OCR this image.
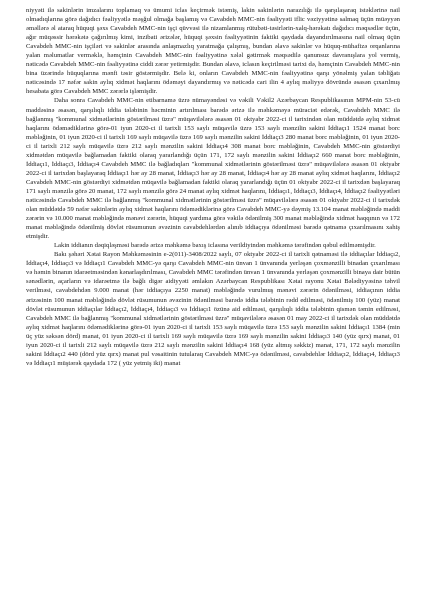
niyyəti ilə sakinlərin imzalarını toplamaq və ümumi iclas keçirmək istəmiş, lakin sakinlərin narazılığı ilə qarşılaşaraq istəklərinə nail olmadıqlarına görə dağıdıcı fəaliyyətlə məşğul olmağa başlamış və Cavabdeh MMC-nin fəaliyyəti iflic vəziyyətinə salmaq üçün müəyyən əməllərə əl ataraq hüquqi şəxs Cavabdeh MMC-nin işçi qüvvəsi ilə nizamlanmış rütubəti-təsirlərin-xalq-hərəkatı dağıdıcı məqsədlər üçün, ağır müqəssir hərəkətə çağırılmış kimi, inzibati ərizələr, hüquqi şəxsin fəaliyyətinin faktiki qaydada dayandırılmasına nail olmaq üçün Cavabdeh MMC-nin işçiləri və sakinlər arasında anlaşmazlıq yaratmağa çalışmış, bundan əlavə sakinlər və hüquq-mühafizə orqanlarına yalan məlumatlar verməklə, həmçinin Cavabdeh MMC-nin fəaliyyətinə xələl gətirmək məqsədilə qanunsuz davranışlara yol vermiş, nəticədə Cavabdeh MMC-nin fəaliyyətinə ciddi zərər yetirmişdir. Bundan əlavə, iclasın keçirilməsi tarixi də, həmçinin Cavabdeh MMC-nin bina üzərində hüquqlarına mənfi təsir göstərmişdir. Belə ki, onların Cavabdeh MMC-nin fəaliyyətinə qarşı yönəlmiş yalan təbliğatı nəticəsində 17 nəfər sakin aylıq xidmət haqlarını ödəməyi dayandırmış və nəticədə cari ilin 4 aylıq məliyyə dövründə əsasən çıxarılmış hesabata görə Cavabdeh MMC zərərlə işləmişdir.

Daha sonra Cavabdeh MMC-nin etibarnamə üzrə nümayəndəsi və vəkili Vəkil2 Azərbaycan Respublikasının MPM-nin 53-cü maddəsinə əsasən, qarşılıqlı iddia tələbinin həcminin artırılması barədə ərizə ilə məhkəməyə müraciət edərək, Cavabdeh MMC ilə bağlanmış "kommunal xidmətlərinin göstərilməsi üzrə" müqavilələrə əsasən 01 oktyabr 2022-ci il tarixindən olan müddətdə aylıq xidmət haqlarını ödəmədiklərinə görə-01 iyun 2020-ci il tarixli 153 saylı müqavilə üzrə 153 saylı mənzilin sakini İddiaçı1 1524 manat borc məbləğinin, 01 iyun 2020-ci il tarixli 169 saylı müqavilə üzrə 169 saylı mənzilin sakini İddiaçı3 280 manat borc məbləğinin, 01 iyun 2020-ci il tarixli 212 saylı müqavilə üzrə 212 saylı mənzilin sakini İddiaçı4 308 manat borc məbləğinin, Cavabdeh MMC-nin göstərdiyi xidmətdən müqavilə bağlamadan faktiki olaraq yararlandığı üçün 171, 172 saylı mənzilin sakini İddiaçı2 660 manat borc məbləğinin, İddiaçı1, İddiaçı3, İddiaçı4 Cavabdeh MMC ilə bağladıqları "kommunal xidmətlərinin göstərilməsi üzrə" müqavilələrə əsasən 01 oktyabr 2022-ci il tarixdən başlayaraq İddiaçı1 hər ay 28 manat, İddiaçı3 hər ay 28 manat, İddiaçı4 hər ay 28 manat aylıq xidmət haqlarını, İddiaçı2 Cavabdeh MMC-nin göstərdiyi xidmətdən müqavilə bağlamadan faktiki olaraq yararlandığı üçün 01 oktyabr 2022-ci il tarixdən başlayaraq 171 saylı mənzilə görə 20 manat, 172 saylı mənzilə görə 24 manat aylıq xidmət haqlarını, İddiaçı1, İddiaçı3, İddiaçı4, İddiaçı2 fəaliyyətləri nəticəsində Cavabdeh MMC ilə bağlanmış "kommunal xidmətlərinin göstərilməsi üzrə" müqavilələrə əsasən 01 oktyabr 2022-ci il tarixdək olan müddətdə 59 nəfər sakinlərin aylıq xidmət haqlarını ödəmədiklərinə görə Cavabdeh MMC-yə dəymiş 13.104 manat məbləğində maddi zərərin və 10.000 manat məbləğində mənəvi zərərin, hüquqi yardıma görə vəkilə ödənilmiş 300 manat məbləğində xidmət haqqının və 172 manat məbləğində ödənilmiş dövlət rüsumunun əvəzinin cavabdehlərdən alınıb iddiaçıya ödənilməsi barədə qətnamə çıxarılmasını xahiş etmişdir.

Lakin iddianın dəqiqləşməsi barədə ərizə məhkəmə baxış iclasına verildiyindən məhkəmə tərəfindən qəbul edilməmişdir.

Bakı şəhəri Xətai Rayon Məhkəməsinin e-2(011)-3408/2022 saylı, 07 oktyabr 2022-ci il tarixli qətnaməsi ilə iddiaçılar İddiaçı2, İddiaçı4, İddiaçı3 və İddiaçı1 Cavabdeh MMC-yə qarşı Cavabdeh MMC-nin ünvan 1 ünvanında yerləşən çoxmənzilli binadan çıxarılması və həmin binanın idarəetməsindən kənarlaşdırılması, Cavabdeh MMC tərəfindən ünvan 1 ünvanında yerləşən çoxmənzilli binaya dair bütün sənədlərin, açarların və idarəetmə ilə bağlı digər aidiyyəti əmlakın Azərbaycan Respublikası Xətai rayonu Xətai Bələdiyyəsinə təhvil verilməsi, cavabdehdən 9.000 manat (hər iddiaçıya 2250 manat) məbləğində vurulmuş mənəvi zərərin ödənilməsi, iddiaçının iddia ərizəsinin 100 manat məbləğində dövlət rüsumunun əvəzinin ödənilməsi barədə iddia tələbinin rədd edilməsi, ödənilmiş 100 (yüz) manat dövlət rüsumunun iddiaçılar İddiaçı2, İddiaçı4, İddiaçı3 və İddiaçı1 özünə aid edilməsi, qarşılıqlı iddia tələbinin qismən təmin edilməsi, Cavabdeh MMC ilə bağlanmış "kommunal xidmətlərinin göstərilməsi üzrə" müqavilələrə əsasən 01 may 2022-ci il tarixdək olan müddətdə aylıq xidmət haqlarını ödəmədiklərinə görə-01 iyun 2020-ci il tarixli 153 saylı müqavilə üzrə 153 saylı mənzilin sakini İddiaçı1 1384 (min üç yüz səksən dörd) manat, 01 iyun 2020-ci il tarixli 169 saylı müqavilə üzrə 169 saylı mənzilin sakini İddiaçı3 140 (yüz qırx) manat, 01 iyun 2020-ci il tarixli 212 saylı müqavilə üzrə 212 saylı mənzilin sakini İddiaçı4 168 (yüz altmış səkkiz) manat, 171, 172 saylı mənzilin sakini İddiaçı2 440 (dörd yüz qırx) manat pul vəsaitinin tutularaq Cavabdeh MMC-yə ödənilməsi, cavabdehlər İddiaçı2, İddiaçı4, İddiaçı3 və İddiaçı1 müştərək qaydada 172 ( yüz yetmiş iki) manat
